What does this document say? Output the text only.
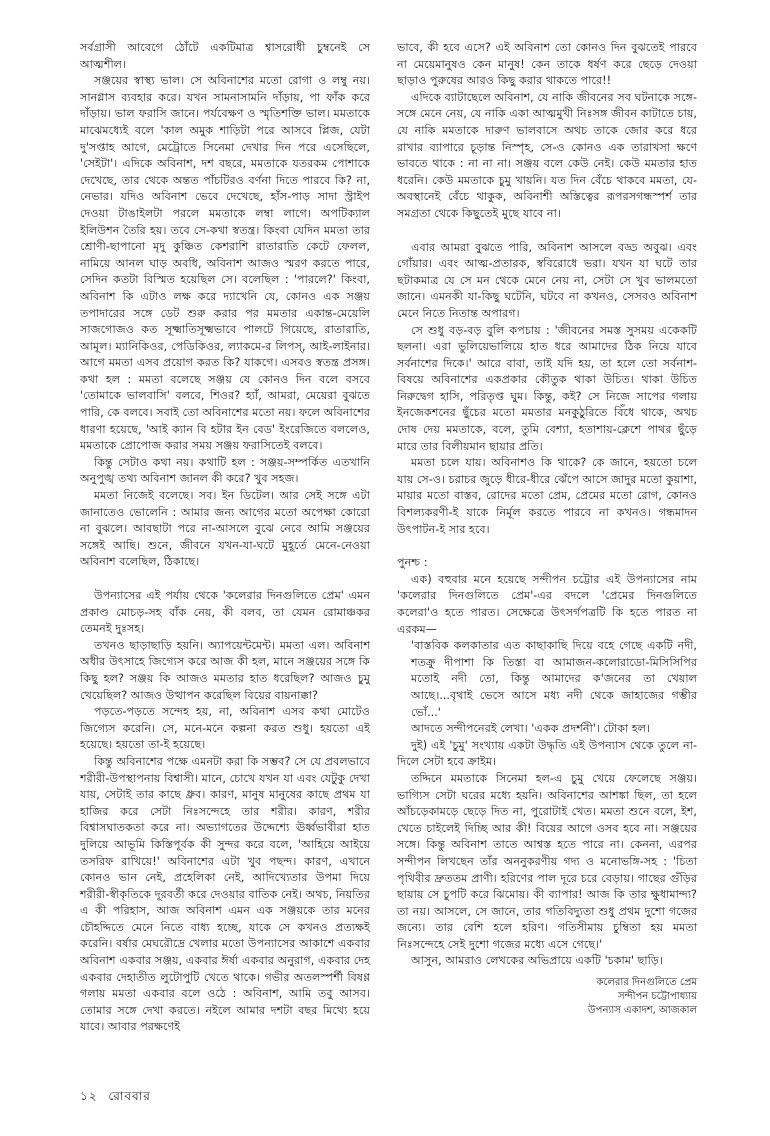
সর্বগ্রাসী আবেগে ঠোঁটে একটিমাত্র শ্বাসরোধী চুম্বনেই সে আত্মশীল।

সঞ্জয়ের স্বাস্থ্য ভাল। সে অবিনাশের মতো রোগা ও লম্বু নয়। সানগ্লাস ব্যবহার করে। যখন সামনাসামনি দাঁড়ায়, পা ফাঁক করে দাঁড়ায়। ভাল ফরাসি জানে। পর্যবেক্ষণ ও স্মৃতিশক্তি ভাল। মমতাকে মাঝেমধ্যেই বলে 'কাল অমুক শাড়িটা পরে আসবে প্লিজ, যেটা দু'সপ্তাহ আগে, মেট্রোতে সিনেমা দেখার দিন পরে এসেছিলে, 'সেইটা'। এদিকে অবিনাশ, দশ বছরে, মমতাকে যতরকম পোশাকে দেখেছে, তার থেকে অন্তত পাঁচটিরও বর্ণনা দিতে পারবে কি? না, নেভার। যদিও অবিনাশ ভেবে দেখেছে, হাঁস-পাড় সাদা স্ট্রাইপ দেওয়া টাঙাইলটা পরলে মমতাকে লম্বা লাগে। অপটিক্যাল ইলিউশন তৈরি হয়। তবে সে-কথা স্বতন্ত্র। কিংবা যেদিন মমতা তার শ্রোণী-ছাপানো মৃদু কুঞ্চিত কেশরাশি রাতারাতি কেটে ফেলল, নামিয়ে আনল ঘাড় অবধি, অবিনাশ আজও স্মরণ করতে পারে, সেদিন কতটা বিস্মিত হয়েছিল সে। বলেছিল : 'পারলে?' কিংবা, অবিনাশ কি এটাও লক্ষ করে দ্যাখেনি যে, কোনও এক সঞ্জয় তপাদারের সঙ্গে ডেট শুরু করার পর মমতার একান্ত-মেয়েলি সাজগোজও কত সূক্ষ্মাতিসূক্ষ্মভাবে পালটে গিয়েছে, রাতারাতি, আমূল। ম্যানিকিওর, পেডিকিওর, ল্যাকমে-র লিপস্, আই-লাইনার। আগে মমতা এসব প্রয়োগ করত কি? যাকগে। এসবও স্বতন্ত্র প্রসঙ্গ। কথা হল : মমতা বলেছে সঞ্জয় যে কোনও দিন বলে বসবে 'তোমাকে ভালবাসি' বলবে, শিওর? হ্যাঁ, আমরা, মেয়েরা বুঝতে পারি, কে বলবে। সবাই তো অবিনাশের মতো নয়। ফলে অবিনাশের ধারণা হয়েছে, 'আই ক্যান বি হটার ইন বেড' ইংরেজিতে বললেও, মমতাকে প্রোপোজ করার সময় সঞ্জয় ফরাসিতেই বলবে।

কিন্তু সেটাও কথা নয়। কথাটি হল : সঞ্জয়-সম্পর্কিত এতখানি অনুপুঙ্খ তথ্য অবিনাশ জানল কী করে? খুব সহজ।

মমতা নিজেই বলেছে। সব। ইন ডিটেল। আর সেই সঙ্গে এটা জানাতেও ভোলেনি : আমার জন্য আগের মতো অপেক্ষা কোরো না বুঝলে। আবছাটা পরে না-আসলে বুঝে নেবে আমি সঞ্জয়ের সঙ্গেই আছি। শুনে, জীবনে যখন-যা-ঘটে মুহূর্তে মেনে-নেওয়া অবিনাশ বলেছিল, ঠিকাছে।

উপন্যাসের এই পর্যায় থেকে 'কলেরার দিনগুলিতে প্রেম' এমন প্রকাণ্ড মোচড়-সহ বাঁক নেয়, কী বলব, তা যেমন রোমাঞ্চকর তেমনই দুঃসহ।

তখনও ছাড়াছাড়ি হয়নি। অ্যাপয়েন্টমেন্ট। মমতা এল। অবিনাশ অধীর উৎসাহে জিগ্যেস করে আজ কী হল, মানে সঞ্জয়ের সঙ্গে কি কিছু হল? সঞ্জয় কি আজও মমতার হাত ধরেছিল? আজও চুমু খেয়েছিল? আজও উত্থাপন করেছিল বিয়ের বায়নাক্কা?

পড়তে-পড়তে সন্দেহ হয়, না, অবিনাশ এসব কথা মোটেও জিগ্যেস করেনি। সে, মনে-মনে কল্পনা করত শুধু। হয়তো এই হয়েছে। হয়তো তা-ই হয়েছে।

কিন্তু অবিনাশের পক্ষে এমনটা করা কি সম্ভব? সে যে প্রবলভাবে শরীরী-উপস্থাপনায় বিশ্বাসী। মানে, চোখে যখন যা এবং যেটুকু দেখা যায়, সেটাই তার কাছে ধ্রুব। কারণ, মানুষ মানুষের কাছে প্রথম যা হাজির করে সেটা নিঃসন্দেহে তার শরীর। কারণ, শরীর বিশ্বাসঘাতকতা করে না। অভ্যাগতের উদ্দেশ্যে ঊর্ধ্বভাবীরা হাত দুলিয়ে আভূমি কিস্তিপূর্বক কী সুন্দর করে বলে, 'আহিয়ে আইয়ে তসরিফ রাখিয়ে!' অবিনাশের এটা খুব পছন্দ। কারণ, এখানে কোনও ভান নেই, প্রহেলিকা নেই, আদিখ্যেতার উপমা দিয়ে শরীরী-স্বীকৃতিকে দূরবর্তী করে দেওয়ার বাতিক নেই। অথচ, নিয়তির এ কী পরিহাস, আজ অবিনাশ এমন এক সঞ্জয়কে তার মনের চৌহদ্দিতে মেনে নিতে বাধ্য হচ্ছে, যাকে সে কখনও প্রত্যক্ষই করেনি। বর্ষার মেঘরৌদ্রে খেলার মতো উপন্যাসের আকাশে একবার অবিনাশ একবার সঞ্জয়, একবার ঈর্ষা একবার অনুরাগ, একবার দেহ একবার দেহাতীত লুটোপুটি খেতে থাকে। গভীর অতলস্পর্শী বিষণ্ণ গলায় মমতা একবার বলে ওঠে : অবিনাশ, আমি তবু আসব। তোমার সঙ্গে দেখা করতে। নইলে আমার দশটা বছর মিথ্যে হয়ে যাবে। আবার পরক্ষণেই

ভাবে, কী হবে এসে? এই অবিনাশ তো কোনও দিন বুঝতেই পারবে না মেয়েমানুষও কেন মানুষ! কেন তাকে ধর্ষণ করে ছেড়ে দেওয়া ছাড়াও পুরুষের আরও কিছু করার থাকতে পারে!!

এদিকে ব্যাটাছেলে অবিনাশ, যে নাকি জীবনের সব ঘটনাকে সঙ্গে-সঙ্গে মেনে নেয়, যে নাকি একা আত্মমুখী নিঃসঙ্গ জীবন কাটাতে চায়, যে নাকি মমতাকে দারুণ ভালবাসে অথচ তাকে জোর করে ধরে রাখার ব্যাপারে চূড়ান্ত নিস্পৃহ, সে-ও কোনও এক তারাখসা ক্ষণে ভাবতে থাকে : না না না। সঞ্জয় বলে কেউ নেই। কেউ মমতার হাত ধরেনি। কেউ মমতাকে চুমু খায়নি। যত দিন বেঁচে থাকবে মমতা, যে-অবস্থানেই বেঁচে থাকুক, অবিনাশী অস্তিত্বের রূপরসগন্ধস্পর্শ তার সমগ্রতা থেকে কিছুতেই মুছে যাবে না।

এবার আমরা বুঝতে পারি, অবিনাশ আসলে বড্ড অবুঝ। এবং গোঁয়ার। এবং আত্ম-প্রতারক, স্ববিরোধে ভরা। যখন যা ঘটে তার ছটাকমাত্র যে সে মন থেকে মেনে নেয় না, সেটা সে খুব ভালমতো জানে। এমনকী যা-কিছু ঘটেনি, ঘটবে না কখনও, সেসবও অবিনাশ মেনে নিতে নিতান্ত অপারগ।

সে শুধু বড়-বড় বুলি কপচায় : 'জীবনের সমস্ত সুসময় একেকটি ছলনা। এরা ভুলিয়েভালিয়ে হাত ধরে আমাদের ঠিক নিয়ে যাবে সর্বনাশের দিকে।' আরে বাবা, তাই যদি হয়, তা হলে তো সর্বনাশ-বিষয়ে অবিনাশের একপ্রকার কৌতুক থাকা উচিত। থাকা উচিত নিরুদ্বেগ হাসি, পরিতৃপ্ত ঘুম। কিন্তু, কই? সে নিজে সাপের গলায় ইনজেকশনের ছুঁচের মতো মমতার মনকুঠুরিতে বিঁধে থাকে, অথচ দোষ দেয় মমতাকে, বলে, তুমি বেশ্যা, হতাশায়-ক্লেশে পাথর ছুঁড়ে মারে তার বিলীয়মান ছায়ার প্রতি।

মমতা চলে যায়। অবিনাশও কি থাকে? কে জানে, হয়তো চলে যায় সে-ও। চরাচর জুড়ে ধীরে-ধীরে ঝেঁপে আসে জাদুর মতো কুয়াশা, মায়ার মতো বাস্তব, রোদের মতো প্রেম, প্রেমের মতো রোগ, কোনও বিশল্যকরণী-ই যাকে নির্মূল করতে পারবে না কখনও। গন্ধমাদন উৎপাটন-ই সার হবে।

পুনশ্চ :

এক) বহুবার মনে হয়েছে সন্দীপন চট্টোর এই উপন্যাসের নাম 'কলেরার দিনগুলিতে প্রেম'-এর বদলে 'প্রেমের দিনগুলিতে কলেরা'ও হতে পারত। সেক্ষেত্রে উৎসর্গপত্রটি কি হতে পারত না এরকম—

'বাস্তবিক কলকাতার এত কাছাকাছি দিয়ে বহে গেছে একটি নদী, শতক্রু দীপাশা কি তিস্তা বা আমাজন-কলোরাডো-মিসিসিপির মতোই নদী তো, কিন্তু আমাদের ক'জনের তা খেয়াল আছে।...বৃথাই ভেসে আসে মধ্য নদী থেকে জাহাজের গম্ভীর ভোঁ...'

আদতে সন্দীপনেরই লেখা। 'একক প্রদর্শনী'। টোকা হল।

দুই) এই 'চুমু' সংখ্যায় একটা উদ্ধৃতি এই উপন্যাস থেকে তুলে না-দিলে সেটা হবে ক্রাইম।

তদ্দিনে মমতাকে সিনেমা হল-এ চুমু খেয়ে ফেলেছে সঞ্জয়। ভাগ্যিস সেটা ঘরের মধ্যে হয়নি। অবিনাশের আশঙ্কা ছিল, তা হলে আঁচড়েকামড়ে ছেড়ে দিত না, পুরোটাই খেত। মমতা শুনে বলে, ইশ, খেতে চাইলেই দিচ্ছি আর কী! বিয়ের আগে ওসব হবে না। সঞ্জয়ের সঙ্গে। কিন্তু অবিনাশ তাতে আশ্বস্ত হতে পারে না। কেননা, এরপর সন্দীপন লিখছেন তাঁর অননুকরণীয় গদ্য ও মনোভঙ্গি-সহ : 'চিতা পৃথিবীর দ্রুততম প্রাণী। হরিণের পাল দূরে চরে বেড়ায়। গাছের গুঁড়ির ছায়ায় সে চুপটি করে ঝিমোয়। কী ব্যাপার! আজ কি তার ক্ষুধামান্দ্য? তা নয়। আসলে, সে জানে, তার গতিবিদ্যুতা শুধু প্রথম দুশো গজের জন্যে। তার বেশি হলে হরিণ। গতিসীমায় চুম্বিতা হয় মমতা নিঃসন্দেহে সেই দুশো গজের মধ্যে এসে গেছে।'

আসুন, আমরাও লেখকের অভিপ্রায়ে একটি 'চকাম' ছাড়ি।

কলেরার দিনগুলিতে প্রেম
সন্দীপন চট্টোপাধ্যায়
উপন্যাস একাদশ, আজকাল
১২ রোববার
